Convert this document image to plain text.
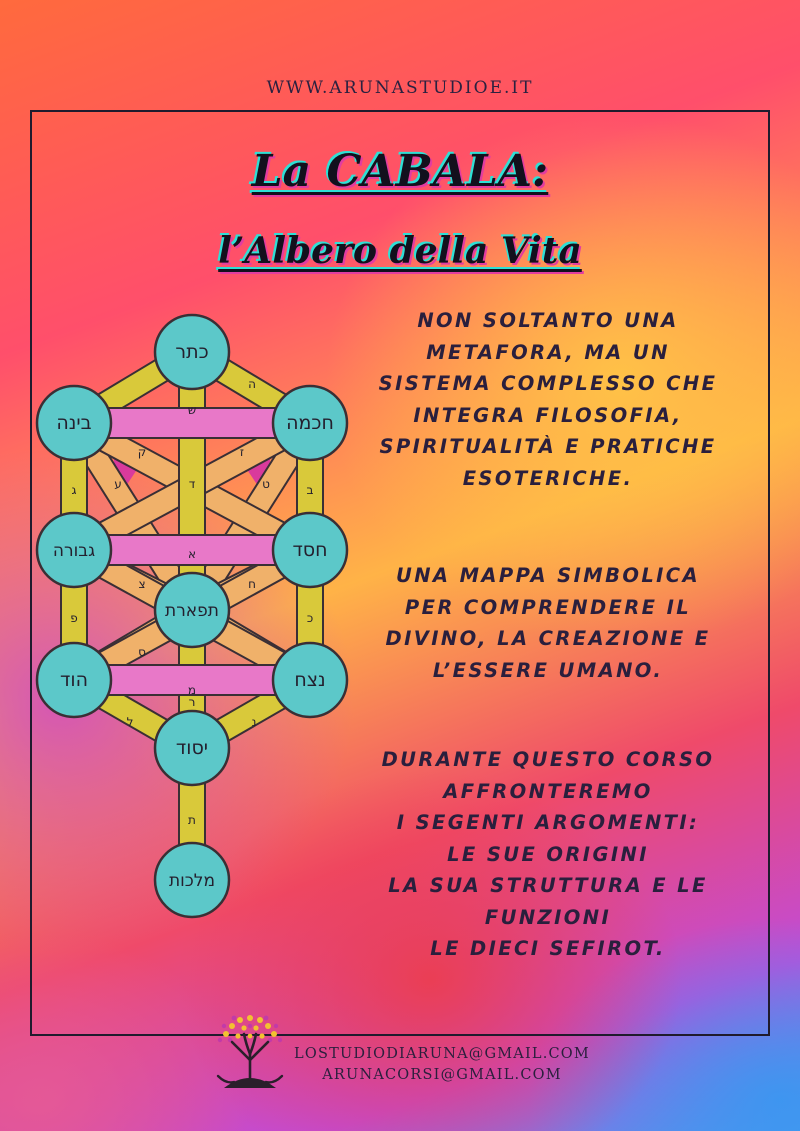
WWW.ARUNASTUDIOE.IT
La CABALA:
l’Albero della Vita
כתר
בינה	חכמה
גבורה	חסד
תפארת
הוד	נצח
יסוד
מלכות
ה
ש
ק	ז
ד
ע	ט
ג	ב
א
צ	ח
פ	כ
ס
מ
ר
ל	נ
ת
NON SOLTANTO UNA
METAFORA, MA UN
SISTEMA COMPLESSO CHE
INTEGRA FILOSOFIA,
SPIRITUALITÀ E PRATICHE
ESOTERICHE.
UNA MAPPA SIMBOLICA
PER COMPRENDERE IL
DIVINO, LA CREAZIONE E
L’ESSERE UMANO.
DURANTE QUESTO CORSO
AFFRONTEREMO
I SEGENTI ARGOMENTI:
LE SUE ORIGINI
LA SUA STRUTTURA E LE
FUNZIONI
LE DIECI SEFIROT.
LOSTUDIODIARUNA@GMAIL.COM
ARUNACORSI@GMAIL.COM
